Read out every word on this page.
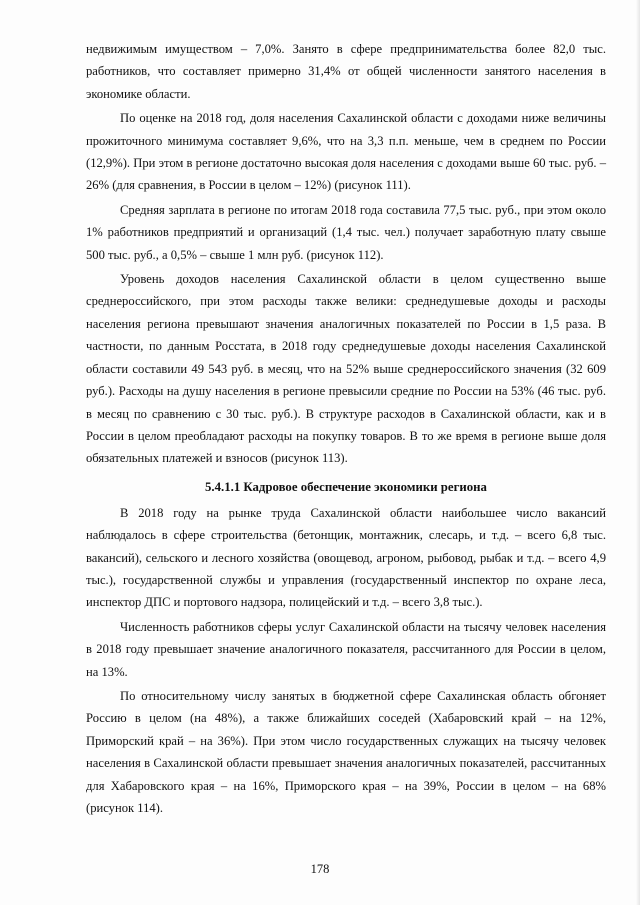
недвижимым имуществом – 7,0%. Занято в сфере предпринимательства более 82,0 тыс. работников, что составляет примерно 31,4% от общей численности занятого населения в экономике области.

По оценке на 2018 год, доля населения Сахалинской области с доходами ниже величины прожиточного минимума составляет 9,6%, что на 3,3 п.п. меньше, чем в среднем по России (12,9%). При этом в регионе достаточно высокая доля населения с доходами выше 60 тыс. руб. – 26% (для сравнения, в России в целом – 12%) (рисунок 111).

Средняя зарплата в регионе по итогам 2018 года составила 77,5 тыс. руб., при этом около 1% работников предприятий и организаций (1,4 тыс. чел.) получает заработную плату свыше 500 тыс. руб., а 0,5% – свыше 1 млн руб. (рисунок 112).

Уровень доходов населения Сахалинской области в целом существенно выше среднероссийского, при этом расходы также велики: среднедушевые доходы и расходы населения региона превышают значения аналогичных показателей по России в 1,5 раза. В частности, по данным Росстата, в 2018 году среднедушевые доходы населения Сахалинской области составили 49 543 руб. в месяц, что на 52% выше среднероссийского значения (32 609 руб.). Расходы на душу населения в регионе превысили средние по России на 53% (46 тыс. руб. в месяц по сравнению с 30 тыс. руб.). В структуре расходов в Сахалинской области, как и в России в целом преобладают расходы на покупку товаров. В то же время в регионе выше доля обязательных платежей и взносов (рисунок 113).

5.4.1.1 Кадровое обеспечение экономики региона

В 2018 году на рынке труда Сахалинской области наибольшее число вакансий наблюдалось в сфере строительства (бетонщик, монтажник, слесарь, и т.д. – всего 6,8 тыс. вакансий), сельского и лесного хозяйства (овощевод, агроном, рыбовод, рыбак и т.д. – всего 4,9 тыс.), государственной службы и управления (государственный инспектор по охране леса, инспектор ДПС и портового надзора, полицейский и т.д. – всего 3,8 тыс.).

Численность работников сферы услуг Сахалинской области на тысячу человек населения в 2018 году превышает значение аналогичного показателя, рассчитанного для России в целом, на 13%.

По относительному числу занятых в бюджетной сфере Сахалинская область обгоняет Россию в целом (на 48%), а также ближайших соседей (Хабаровский край – на 12%, Приморский край – на 36%). При этом число государственных служащих на тысячу человек населения в Сахалинской области превышает значения аналогичных показателей, рассчитанных для Хабаровского края – на 16%, Приморского края – на 39%, России в целом – на 68% (рисунок 114).

178
